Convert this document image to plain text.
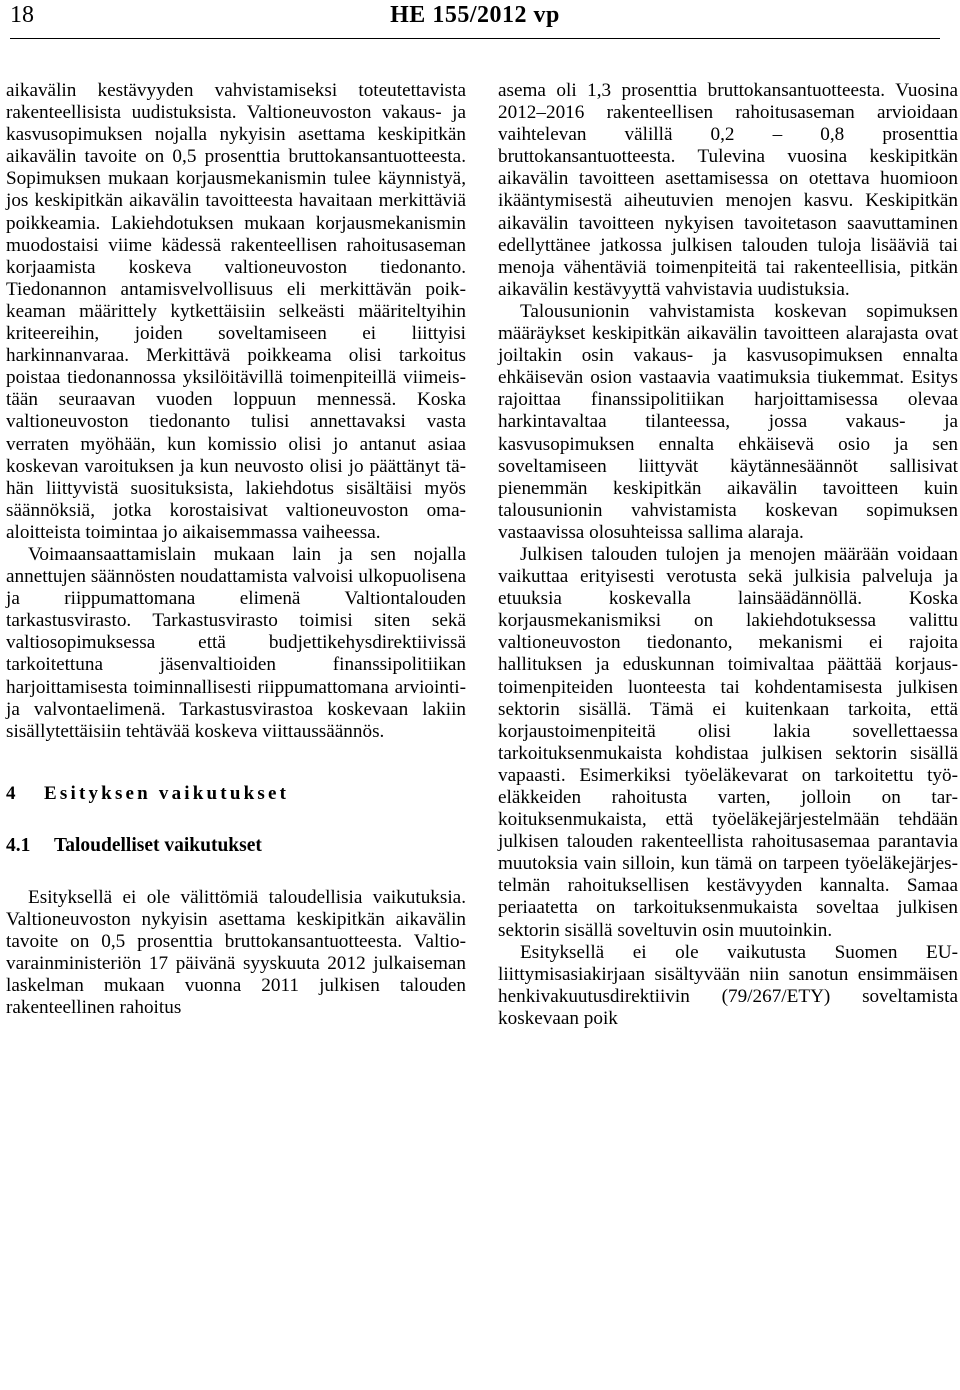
18	HE 155/2012 vp

aikavälin kestävyyden vahvistamiseksi toteutettavista rakenteellisista uudistuksista. Valtioneuvoston vakaus- ja kasvusopimuksen nojalla nykyisin asettama keskipitkän aikavälin tavoite on 0,5 prosenttia bruttokansantuotteesta. Sopimuksen mukaan korjausmekanismin tulee käynnistyä, jos keskipitkän aikavälin tavoitteesta havaitaan merkittäviä poikkeamia. Lakiehdotuksen mukaan korjausmekanismin muodostaisi viime kädessä rakenteellisen rahoitusaseman korjaamista koskeva valtioneuvoston tiedonanto. Tiedonannon antamisvelvollisuus eli merkittävän poikkeaman määrittely kytkettäisiin selkeästi määriteltyihin kriteereihin, joiden soveltamiseen ei liittyisi harkinnanvaraa. Merkittävä poikkeama olisi tarkoitus poistaa tiedonannossa yksilöitävillä toimenpiteillä viimeistään seuraavan vuoden loppuun mennessä. Koska valtioneuvoston tiedonanto tulisi annettavaksi vasta verraten myöhään, kun komissio olisi jo antanut asiaa koskevan varoituksen ja kun neuvosto olisi jo päättänyt tähän liittyvistä suosituksista, lakiehdotus sisältäisi myös säännöksiä, jotka korostaisivat valtioneuvoston oma-aloitteista toimintaa jo aikaisemmassa vaiheessa.

Voimaansaattamislain mukaan lain ja sen nojalla annettujen säännösten noudattamista valvoisi ulkopuolisena ja riippumattomana elimenä Valtiontalouden tarkastusvirasto. Tarkastusvirasto toimisi siten sekä valtiosopimuksessa että budjettikehysdirektiivissä tarkoitettuna jäsenvaltioiden finanssipolitiikan harjoittamisesta toiminnallisesti riippumattomana arviointi- ja valvontaelimenä. Tarkastusvirastoa koskevaan lakiin sisällytettäisiin tehtävää koskeva viittaussäännös.

4 Esityksen vaikutukset
4.1 Taloudelliset vaikutukset

Esityksellä ei ole välittömiä taloudellisia vaikutuksia. Valtioneuvoston nykyisin asettama keskipitkän aikavälin tavoite on 0,5 prosenttia bruttokansantuotteesta. Valtiovarainministeriön 17 päivänä syyskuuta 2012 julkaiseman laskelman mukaan vuonna 2011 julkisen talouden rakenteellinen rahoitus

asema oli 1,3 prosenttia bruttokansantuotteesta. Vuosina 2012–2016 rakenteellisen rahoitusaseman arvioidaan vaihtelevan välillä 0,2 – 0,8 prosenttia bruttokansantuotteesta. Tulevina vuosina keskipitkän aikavälin tavoitteen asettamisessa on otettava huomioon ikääntymisestä aiheutuvien menojen kasvu. Keskipitkän aikavälin tavoitteen nykyisen tavoitetason saavuttaminen edellyttänee jatkossa julkisen talouden tuloja lisääviä tai menoja vähentäviä toimenpiteitä tai rakenteellisia, pitkän aikavälin kestävyyttä vahvistavia uudistuksia.

Talousunionin vahvistamista koskevan sopimuksen määräykset keskipitkän aikavälin tavoitteen alarajasta ovat joiltakin osin vakaus- ja kasvusopimuksen ennalta ehkäisevän osion vastaavia vaatimuksia tiukemmat. Esitys rajoittaa finanssipolitiikan harjoittamisessa olevaa harkintavaltaa tilanteessa, jossa vakaus- ja kasvusopimuksen ennalta ehkäisevä osio ja sen soveltamiseen liittyvät käytännesäännöt sallisivat pienemmän keskipitkän aikavälin tavoitteen kuin talousunionin vahvistamista koskevan sopimuksen vastaavissa olosuhteissa sallima alaraja.

Julkisen talouden tulojen ja menojen määrään voidaan vaikuttaa erityisesti verotusta sekä julkisia palveluja ja etuuksia koskevalla lainsäädännöllä. Koska korjausmekanismiksi on lakiehdotuksessa valittu valtioneuvoston tiedonanto, mekanismi ei rajoita hallituksen ja eduskunnan toimivaltaa päättää korjaustoimenpiteiden luonteesta tai kohdentamisesta julkisen sektorin sisällä. Tämä ei kuitenkaan tarkoita, että korjaustoimenpiteitä olisi lakia sovellettaessa tarkoituksenmukaista kohdistaa julkisen sektorin sisällä vapaasti. Esimerkiksi työeläkevarat on tarkoitettu työeläkkeiden rahoitusta varten, jolloin on tarkoituksenmukaista, että työeläkejärjestelmään tehdään julkisen talouden rakenteellista rahoitusasemaa parantavia muutoksia vain silloin, kun tämä on tarpeen työeläkejärjestelmän rahoituksellisen kestävyyden kannalta. Samaa periaatetta on tarkoituksenmukaista soveltaa julkisen sektorin sisällä soveltuvin osin muutoinkin.

Esityksellä ei ole vaikutusta Suomen EU-liittymisasiakirjaan sisältyvään niin sanotun ensimmäisen henkivakuutusdirektiivin (79/267/ETY) soveltamista koskevaan poik
